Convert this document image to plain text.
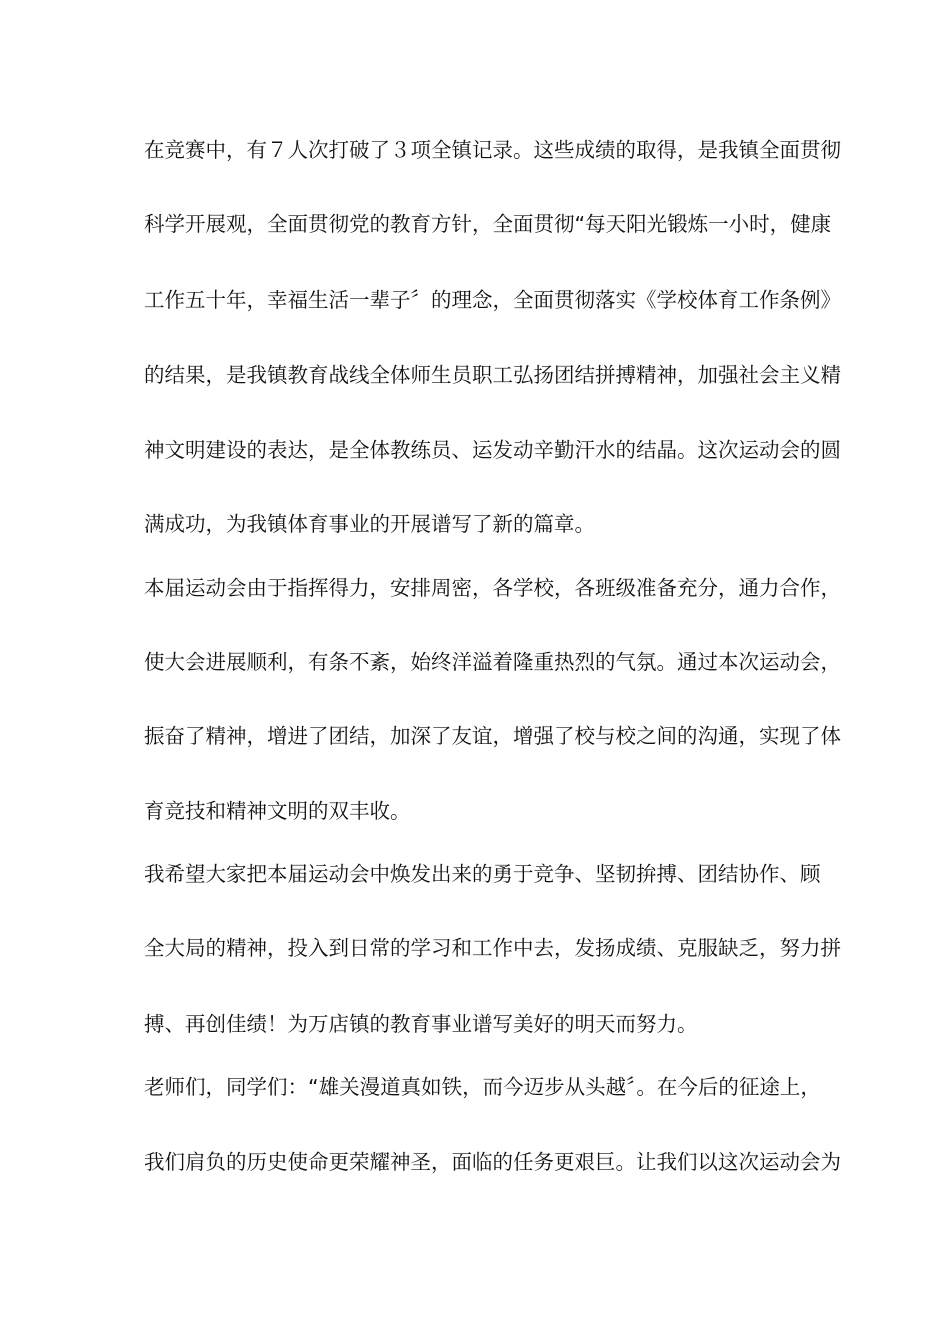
在竞赛中，有７人次打破了３项全镇记录。这些成绩的取得，是我镇全面贯彻
科学开展观，全面贯彻党的教育方针，全面贯彻“每天阳光锻炼一小时，健康
工作五十年，幸福生活一辈子〞的理念，全面贯彻落实《学校体育工作条例》
的结果，是我镇教育战线全体师生员职工弘扬团结拼搏精神，加强社会主义精
神文明建设的表达，是全体教练员、运发动辛勤汗水的结晶。这次运动会的圆
满成功，为我镇体育事业的开展谱写了新的篇章。
本届运动会由于指挥得力，安排周密，各学校，各班级准备充分，通力合作，
使大会进展顺利，有条不紊，始终洋溢着隆重热烈的气氛。通过本次运动会，
振奋了精神，增进了团结，加深了友谊，增强了校与校之间的沟通，实现了体
育竞技和精神文明的双丰收。
我希望大家把本届运动会中焕发出来的勇于竞争、坚韧拚搏、团结协作、顾
全大局的精神，投入到日常的学习和工作中去，发扬成绩、克服缺乏，努力拼
搏、再创佳绩！为万店镇的教育事业谱写美好的明天而努力。
老师们，同学们：“雄关漫道真如铁，而今迈步从头越〞。在今后的征途上，
我们肩负的历史使命更荣耀神圣，面临的任务更艰巨。让我们以这次运动会为
